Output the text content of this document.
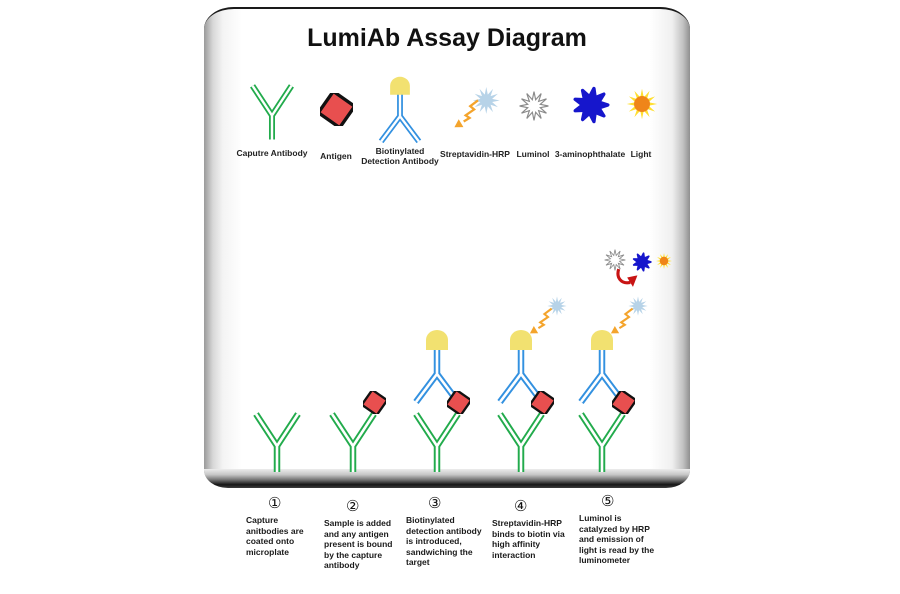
LumiAb Assay Diagram
Caputre Antibody	Antigen	Biotinylated Detection Antibody
Streptavidin-HRP Luminol 3-aminophthalate Light
①
Capture anitbodies are coated onto microplate
②
Sample is added and any antigen present is bound by the capture antibody
③
Biotinylated detection antibody is introduced, sandwiching the target
④
Streptavidin-HRP binds to biotin via high affinity interaction
⑤
Luminol is catalyzed by HRP and emission of light is read by the luminometer
